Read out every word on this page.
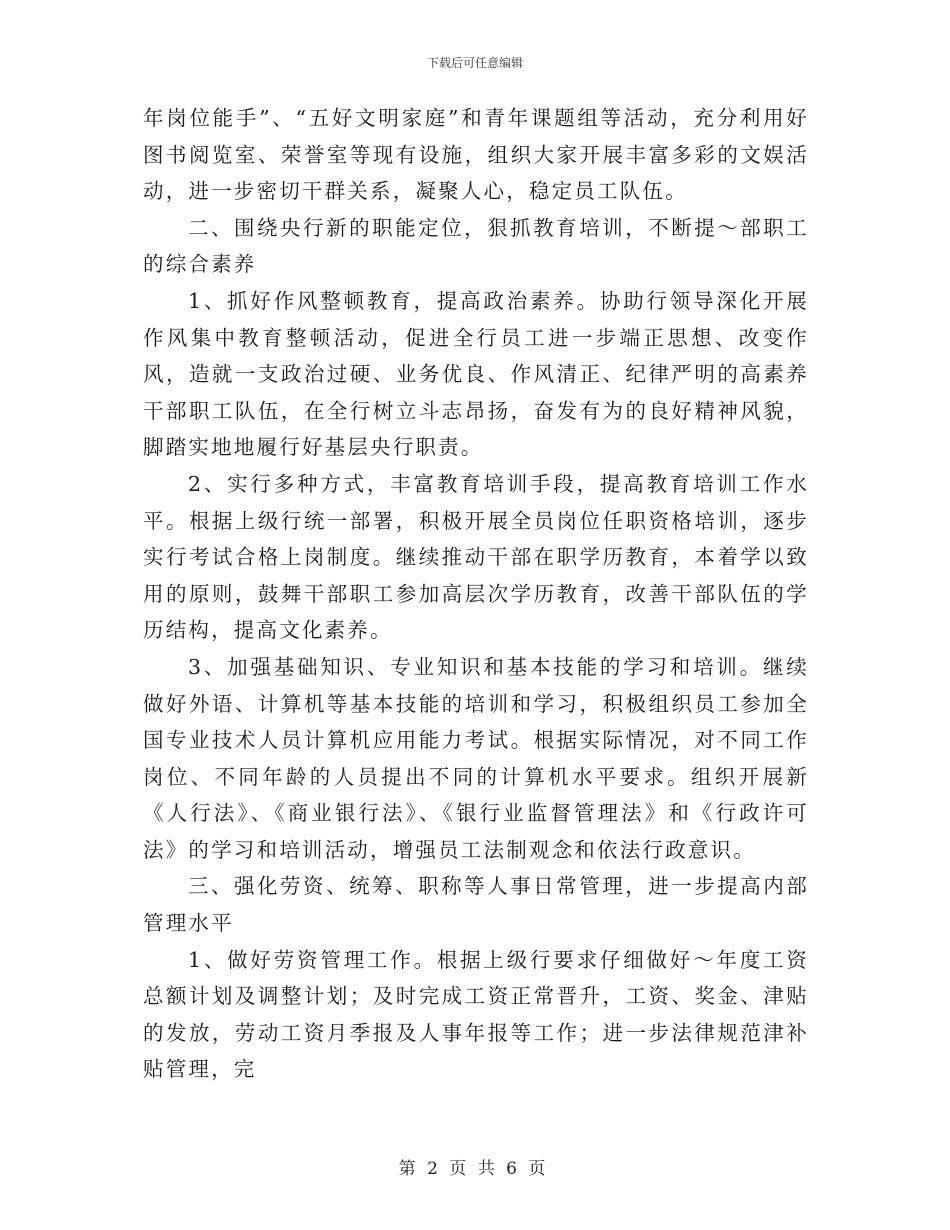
下载后可任意编辑

年岗位能手”、“五好文明家庭”和青年课题组等活动，充分利用好图书阅览室、荣誉室等现有设施，组织大家开展丰富多彩的文娱活动，进一步密切干群关系，凝聚人心，稳定员工队伍。

二、围绕央行新的职能定位，狠抓教育培训，不断提～部职工的综合素养

1、抓好作风整顿教育，提高政治素养。协助行领导深化开展作风集中教育整顿活动，促进全行员工进一步端正思想、改变作风，造就一支政治过硬、业务优良、作风清正、纪律严明的高素养干部职工队伍，在全行树立斗志昂扬，奋发有为的良好精神风貌，脚踏实地地履行好基层央行职责。

2、实行多种方式，丰富教育培训手段，提高教育培训工作水平。根据上级行统一部署，积极开展全员岗位任职资格培训，逐步实行考试合格上岗制度。继续推动干部在职学历教育，本着学以致用的原则，鼓舞干部职工参加高层次学历教育，改善干部队伍的学历结构，提高文化素养。

3、加强基础知识、专业知识和基本技能的学习和培训。继续做好外语、计算机等基本技能的培训和学习，积极组织员工参加全国专业技术人员计算机应用能力考试。根据实际情况，对不同工作岗位、不同年龄的人员提出不同的计算机水平要求。组织开展新《人行法》、《商业银行法》、《银行业监督管理法》和《行政许可法》的学习和培训活动，增强员工法制观念和依法行政意识。

三、强化劳资、统筹、职称等人事日常管理，进一步提高内部管理水平

1、做好劳资管理工作。根据上级行要求仔细做好～年度工资总额计划及调整计划；及时完成工资正常晋升，工资、奖金、津贴的发放，劳动工资月季报及人事年报等工作；进一步法律规范津补贴管理，完

第 2 页 共 6 页
